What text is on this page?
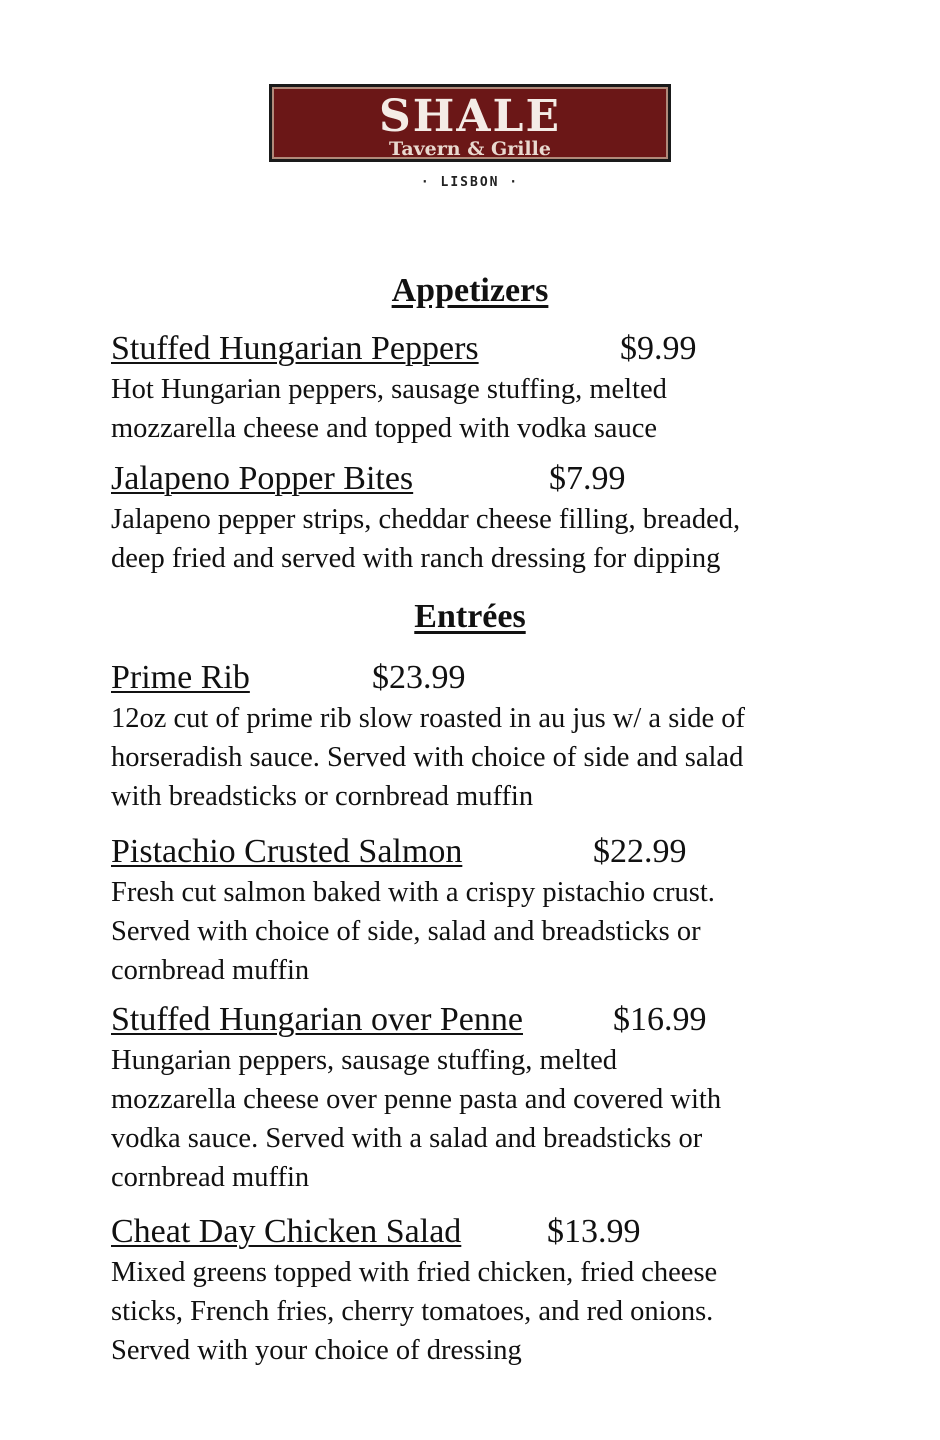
SHALE
Tavern & Grille
· LISBON ·
Appetizers
Stuffed Hungarian Peppers	$9.99
Hot Hungarian peppers, sausage stuffing, melted
mozzarella cheese and topped with vodka sauce
Jalapeno Popper Bites	$7.99
Jalapeno pepper strips, cheddar cheese filling, breaded,
deep fried and served with ranch dressing for dipping
Entrées
Prime Rib	$23.99
12oz cut of prime rib slow roasted in au jus w/ a side of
horseradish sauce. Served with choice of side and salad
with breadsticks or cornbread muffin
Pistachio Crusted Salmon	$22.99
Fresh cut salmon baked with a crispy pistachio crust.
Served with choice of side, salad and breadsticks or
cornbread muffin
Stuffed Hungarian over Penne	$16.99
Hungarian peppers, sausage stuffing, melted
mozzarella cheese over penne pasta and covered with
vodka sauce. Served with a salad and breadsticks or
cornbread muffin
Cheat Day Chicken Salad	$13.99
Mixed greens topped with fried chicken, fried cheese
sticks, French fries, cherry tomatoes, and red onions.
Served with your choice of dressing
